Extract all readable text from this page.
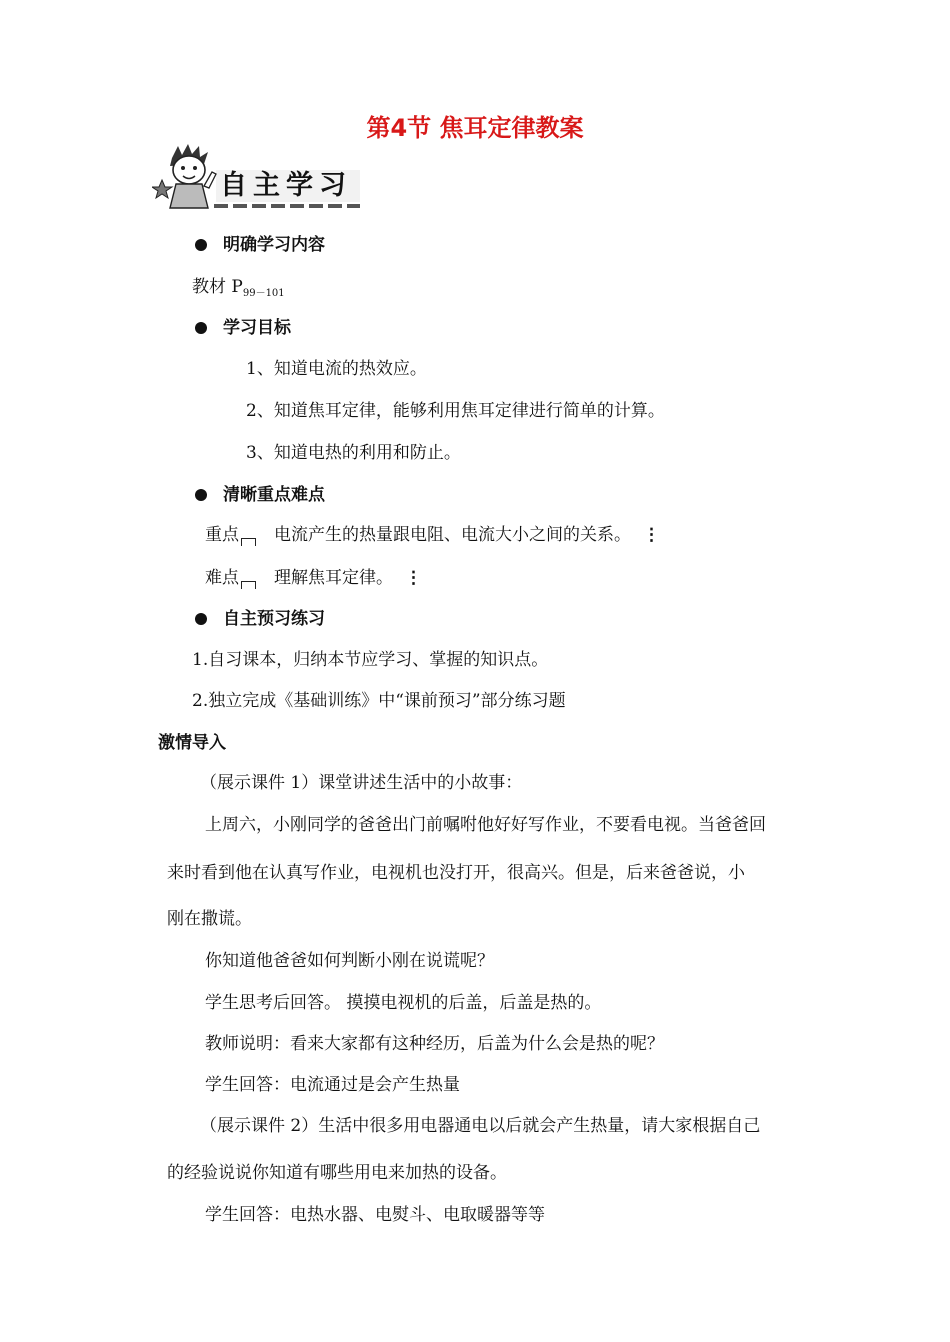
第4节 焦耳定律教案
自主学习
明确学习内容
教材 $P_{99-101}$
学习目标
1、知道电流的热效应。
2、知道焦耳定律，能够利用焦耳定律进行简单的计算。
3、知道电热的利用和防止。
清晰重点难点
重点 电流产生的热量跟电阻、电流大小之间的关系。 ⋮
难点 理解焦耳定律。 ⋮
自主预习练习
1.自习课本，归纳本节应学习、掌握的知识点。
2.独立完成《基础训练》中“课前预习”部分练习题
激情导入
（展示课件 1）课堂讲述生活中的小故事：
上周六，小刚同学的爸爸出门前嘱咐他好好写作业，不要看电视。当爸爸回
来时看到他在认真写作业，电视机也没打开，很高兴。但是，后来爸爸说，小
刚在撒谎。
你知道他爸爸如何判断小刚在说谎呢？
学生思考后回答。 摸摸电视机的后盖，后盖是热的。
教师说明：看来大家都有这种经历，后盖为什么会是热的呢？
学生回答：电流通过是会产生热量
（展示课件 2）生活中很多用电器通电以后就会产生热量，请大家根据自己
的经验说说你知道有哪些用电来加热的设备。
学生回答：电热水器、电熨斗、电取暖器等等
